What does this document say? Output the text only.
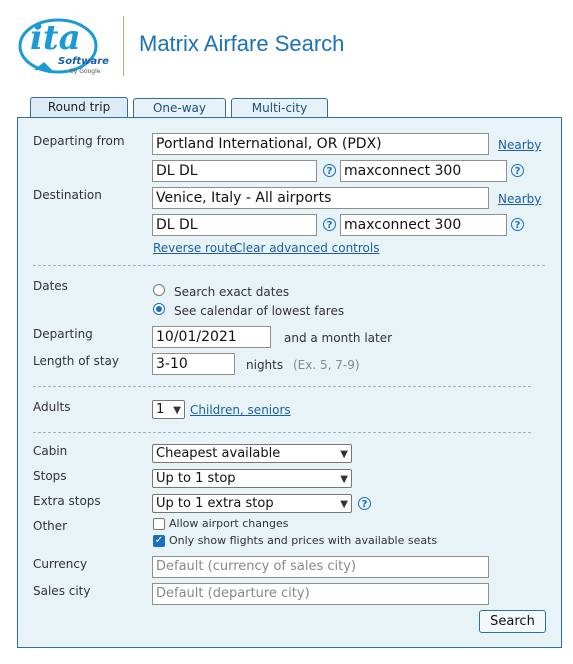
ita
Software
by Google
Matrix Airfare Search
Round trip	One-way	Multi-city
Departing from Portland International, OR (PDX)	Nearby
DL DL	? maxconnect 300	?
Destination	Venice, Italy - All airports	Nearby
DL DL	? maxconnect 300	?
Reverse route
Clear advanced controls
Dates	Search exact dates
See calendar of lowest fares
Departing	10/01/2021	and a month later
Length of stay	3-10	nights (Ex. 5, 7-9)
Adults	1 ▼ Children, seniors
Cabin	Cheapest available	▼
Stops	Up to 1 stop	▼
Extra stops	Up to 1 extra stop	▼	?
Other	Allow airport changes
✓ Only show flights and prices with available seats
Currency	Default (currency of sales city)
Sales city	Default (departure city)
Search
